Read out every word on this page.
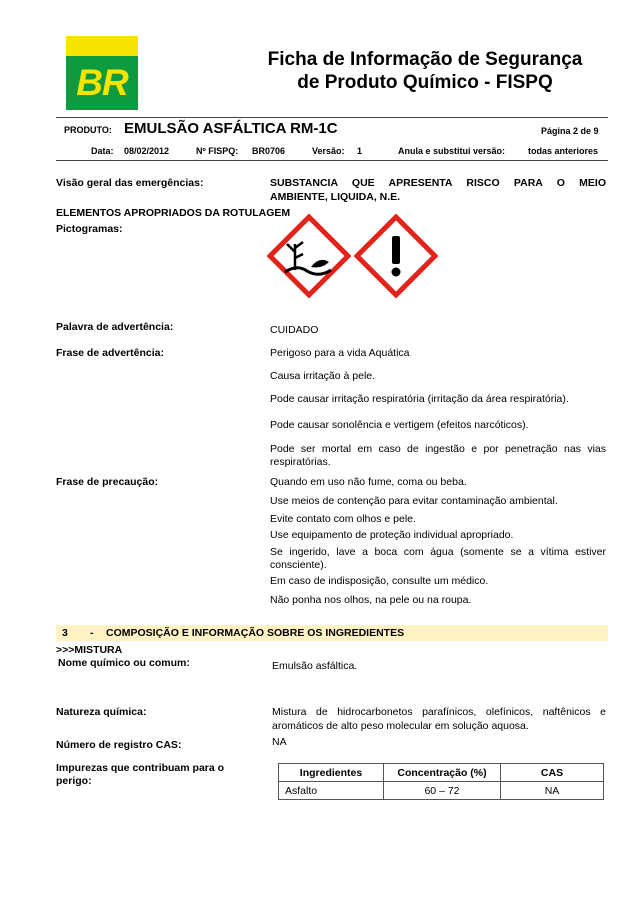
BR
Ficha de Informação de Segurança
de Produto Químico - FISPQ
PRODUTO: EMULSÃO ASFÁLTICA RM-1C	Página 2 de 9
Data: 08/02/2012	Nº FISPQ: BR0706	Versão: 1	Anula e substitui versão:	todas anteriores
Visão geral das emergências:	SUBSTANCIA QUE APRESENTA RISCO PARA O MEIO
AMBIENTE, LIQUIDA, N.E.
ELEMENTOS APROPRIADOS DA ROTULAGEM
Pictogramas:
Palavra de advertência:	CUIDADO
Frase de advertência:	Perigoso para a vida Aquática
Causa irritação à pele.
Pode causar irritação respiratória (irritação da área respiratória).
Pode causar sonolência e vertigem (efeitos narcóticos).
Pode ser mortal em caso de ingestão e por penetração nas vias
respiratórias.
Frase de precaução:	Quando em uso não fume, coma ou beba.
Use meios de contenção para evitar contaminação ambiental.
Evite contato com olhos e pele.
Use equipamento de proteção individual apropriado.
Se ingerido, lave a boca com água (somente se a vítima estiver
consciente).
Em caso de indisposição, consulte um médico.
Não ponha nos olhos, na pele ou na roupa.
3 - COMPOSIÇÃO E INFORMAÇÃO SOBRE OS INGREDIENTES
>>>MISTURA
Nome químico ou comum:	Emulsão asfáltica.
Natureza química:	Mistura de hidrocarbonetos parafínicos, olefínicos, naftênicos e
aromáticos de alto peso molecular em solução aquosa.
Número de registro CAS:	NA
Impurezas que contribuam para o
perigo:
Ingredientes	Concentração (%)	CAS
Asfalto	60 – 72	NA
